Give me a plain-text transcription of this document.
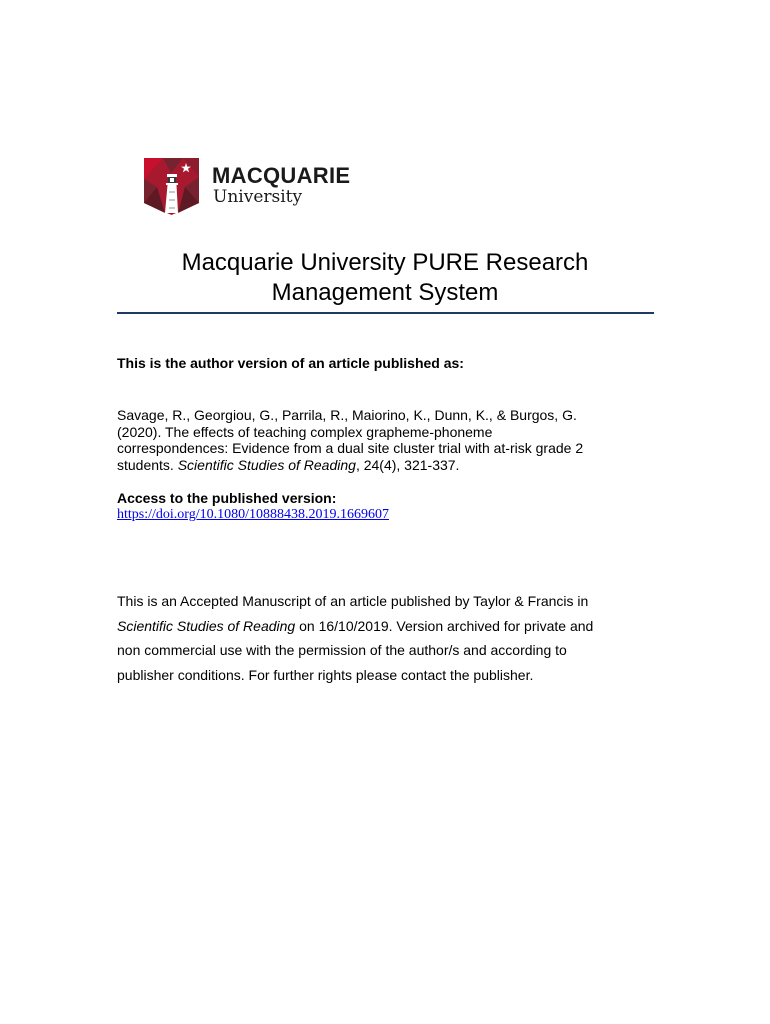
MACQUARIE
University
Macquarie University PURE Research
Management System
This is the author version of an article published as:
Savage, R., Georgiou, G., Parrila, R., Maiorino, K., Dunn, K., & Burgos, G.
(2020). The effects of teaching complex grapheme-phoneme
correspondences: Evidence from a dual site cluster trial with at-risk grade 2
students. Scientific Studies of Reading, 24(4), 321-337.
Access to the published version:
https://doi.org/10.1080/10888438.2019.1669607

This is an Accepted Manuscript of an article published by Taylor & Francis in

Scientific Studies of Reading on 16/10/2019. Version archived for private and

non commercial use with the permission of the author/s and according to

publisher conditions. For further rights please contact the publisher.
